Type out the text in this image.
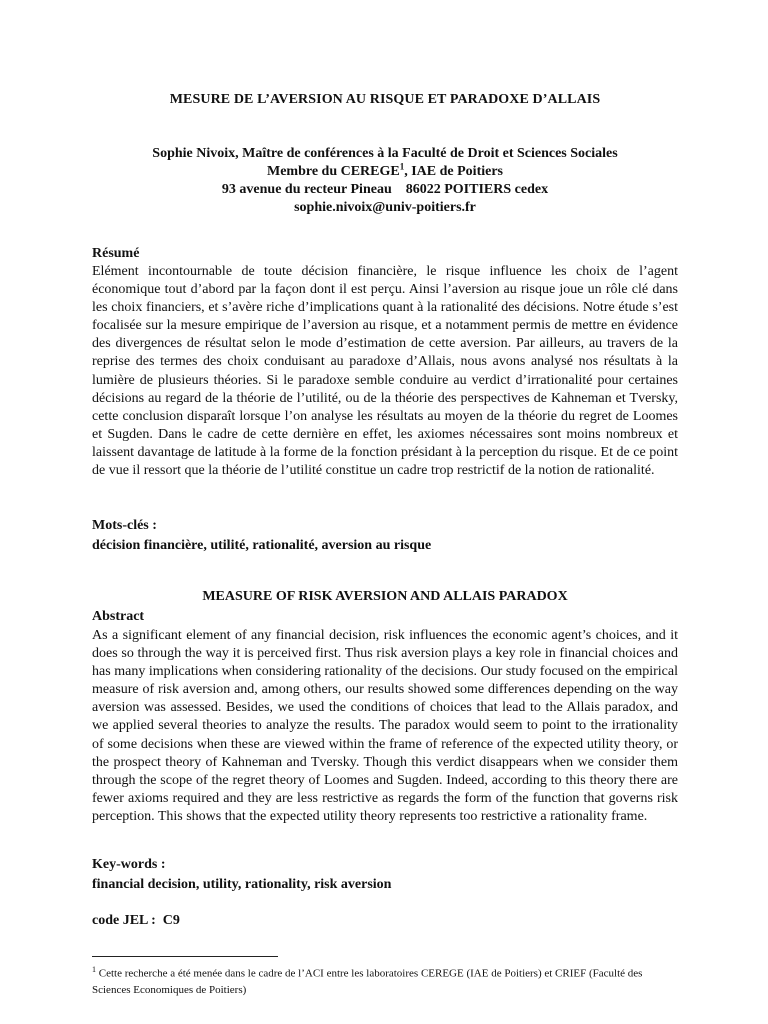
MESURE DE L’AVERSION AU RISQUE ET PARADOXE D’ALLAIS
Sophie Nivoix, Maître de conférences à la Faculté de Droit et Sciences Sociales
Membre du CEREGE$^1$, IAE de Poitiers
93 avenue du recteur Pineau    86022 POITIERS cedex
sophie.nivoix@univ-poitiers.fr
Résumé
Elément incontournable de toute décision financière, le risque influence les choix de l’agent économique tout d’abord par la façon dont il est perçu. Ainsi l’aversion au risque joue un rôle clé dans les choix financiers, et s’avère riche d’implications quant à la rationalité des décisions. Notre étude s’est focalisée sur la mesure empirique de l’aversion au risque, et a notamment permis de mettre en évidence des divergences de résultat selon le mode d’estimation de cette aversion. Par ailleurs, au travers de la reprise des termes des choix conduisant au paradoxe d’Allais, nous avons analysé nos résultats à la lumière de plusieurs théories. Si le paradoxe semble conduire au verdict d’irrationalité pour certaines décisions au regard de la théorie de l’utilité, ou de la théorie des perspectives de Kahneman et Tversky, cette conclusion disparaît lorsque l’on analyse les résultats au moyen de la théorie du regret de Loomes et Sugden. Dans le cadre de cette dernière en effet, les axiomes nécessaires sont moins nombreux et laissent davantage de latitude à la forme de la fonction présidant à la perception du risque. Et de ce point de vue il ressort que la théorie de l’utilité constitue un cadre trop restrictif de la notion de rationalité.
Mots-clés :
décision financière, utilité, rationalité, aversion au risque
MEASURE OF RISK AVERSION AND ALLAIS PARADOX
Abstract
As a significant element of any financial decision, risk influences the economic agent’s choices, and it does so through the way it is perceived first. Thus risk aversion plays a key role in financial choices and has many implications when considering rationality of the decisions. Our study focused on the empirical measure of risk aversion and, among others, our results showed some differences depending on the way aversion was assessed. Besides, we used the conditions of choices that lead to the Allais paradox, and we applied several theories to analyze the results. The paradox would seem to point to the irrationality of some decisions when these are viewed within the frame of reference of the expected utility theory, or the prospect theory of Kahneman and Tversky. Though this verdict disappears when we consider them through the scope of the regret theory of Loomes and Sugden. Indeed, according to this theory there are fewer axioms required and they are less restrictive as regards the form of the function that governs risk perception. This shows that the expected utility theory represents too restrictive a rationality frame.
Key-words :
financial decision, utility, rationality, risk aversion
code JEL :  C9
$^1$ Cette recherche a été menée dans le cadre de l’ACI entre les laboratoires CEREGE (IAE de Poitiers) et CRIEF (Faculté des Sciences Economiques de Poitiers)
